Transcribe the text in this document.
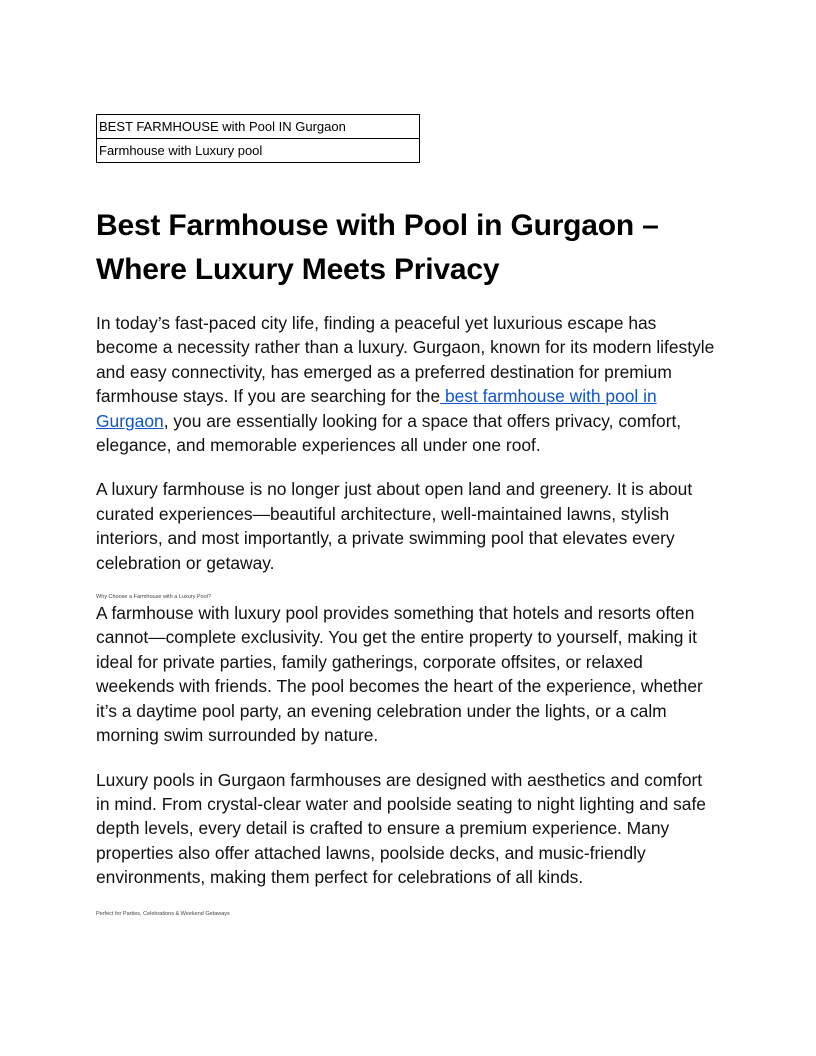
BEST FARMHOUSE with Pool IN Gurgaon
Farmhouse with Luxury pool
Best Farmhouse with Pool in Gurgaon –
Where Luxury Meets Privacy

In today’s fast-paced city life, finding a peaceful yet luxurious escape has become a necessity rather than a luxury. Gurgaon, known for its modern lifestyle and easy connectivity, has emerged as a preferred destination for premium farmhouse stays. If you are searching for the best farmhouse with pool in Gurgaon, you are essentially looking for a space that offers privacy, comfort, elegance, and memorable experiences all under one roof.

A luxury farmhouse is no longer just about open land and greenery. It is about curated experiences—beautiful architecture, well-maintained lawns, stylish interiors, and most importantly, a private swimming pool that elevates every celebration or getaway.

Why Choose a Farmhouse with a Luxury Pool?

A farmhouse with luxury pool provides something that hotels and resorts often cannot—complete exclusivity. You get the entire property to yourself, making it ideal for private parties, family gatherings, corporate offsites, or relaxed weekends with friends. The pool becomes the heart of the experience, whether it’s a daytime pool party, an evening celebration under the lights, or a calm morning swim surrounded by nature.

Luxury pools in Gurgaon farmhouses are designed with aesthetics and comfort in mind. From crystal-clear water and poolside seating to night lighting and safe depth levels, every detail is crafted to ensure a premium experience. Many properties also offer attached lawns, poolside decks, and music-friendly environments, making them perfect for celebrations of all kinds.

Perfect for Parties, Celebrations & Weekend Getaways
